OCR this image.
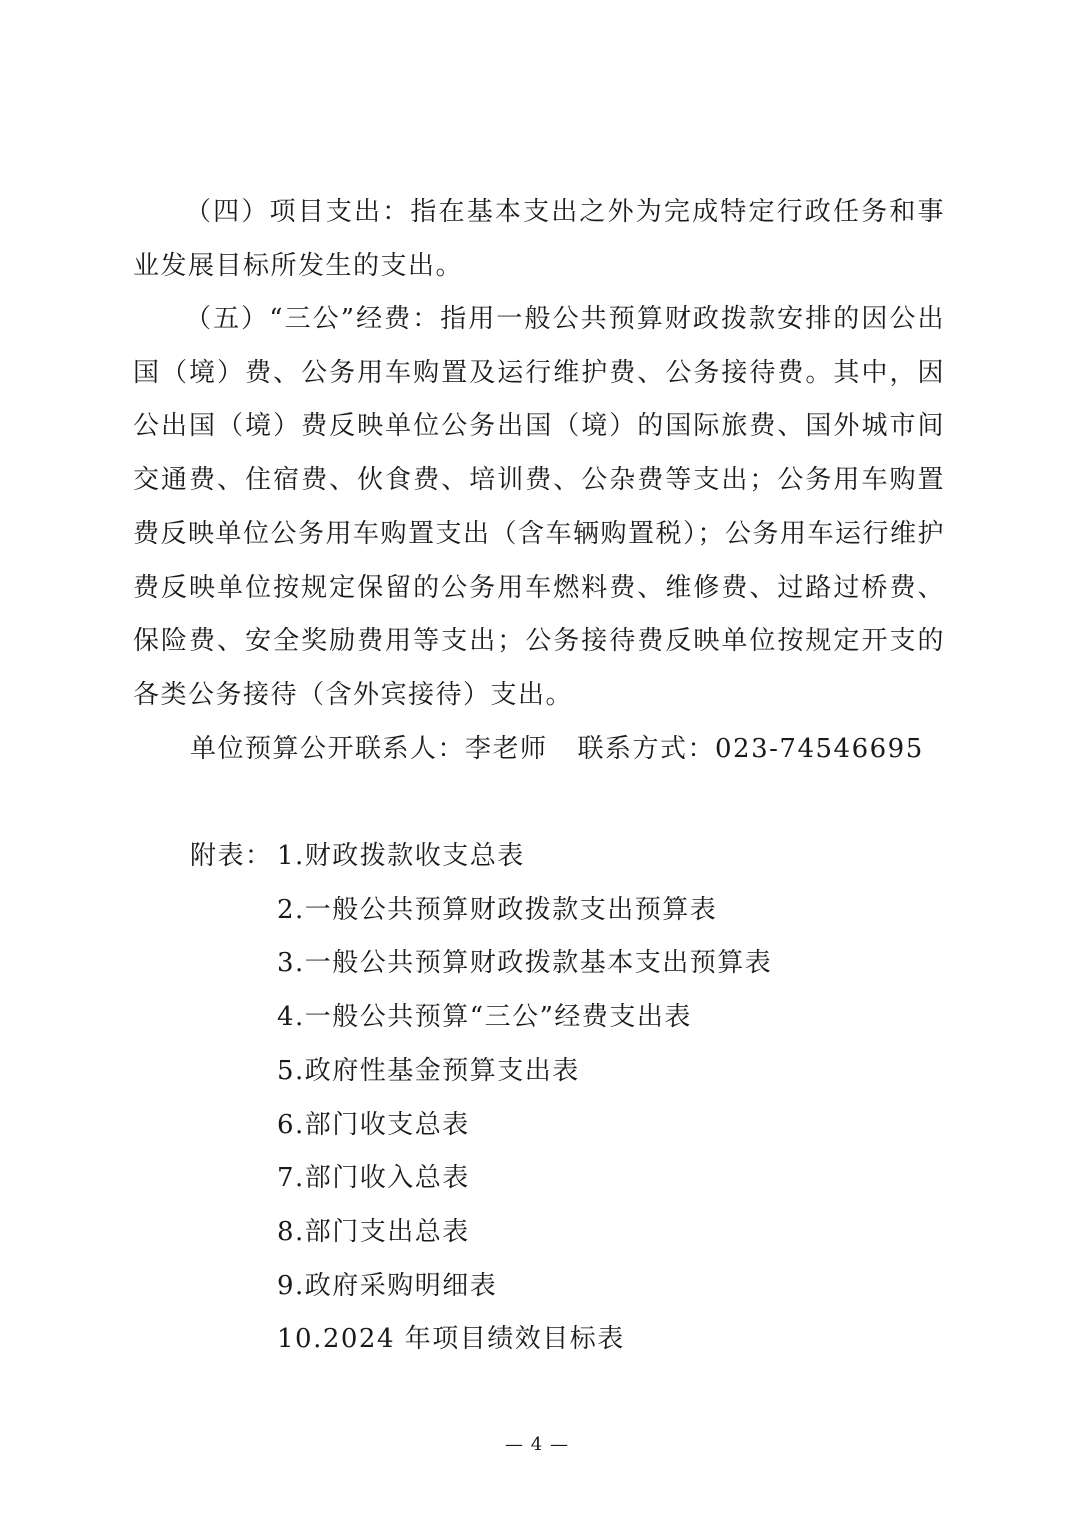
（四）项目支出：指在基本支出之外为完成特定行政任务和事业发展目标所发生的支出。

（五）“三公”经费：指用一般公共预算财政拨款安排的因公出国（境）费、公务用车购置及运行维护费、公务接待费。其中，因公出国（境）费反映单位公务出国（境）的国际旅费、国外城市间交通费、住宿费、伙食费、培训费、公杂费等支出；公务用车购置费反映单位公务用车购置支出（含车辆购置税）；公务用车运行维护费反映单位按规定保留的公务用车燃料费、维修费、过路过桥费、保险费、安全奖励费用等支出；公务接待费反映单位按规定开支的各类公务接待（含外宾接待）支出。

单位预算公开联系人：李老师 联系方式：023-74546695

附表： 1.财政拨款收支总表
2.一般公共预算财政拨款支出预算表
3.一般公共预算财政拨款基本支出预算表
4.一般公共预算“三公”经费支出表
5.政府性基金预算支出表
6.部门收支总表
7.部门收入总表
8.部门支出总表
9.政府采购明细表
10.2024 年项目绩效目标表

— 4 —
